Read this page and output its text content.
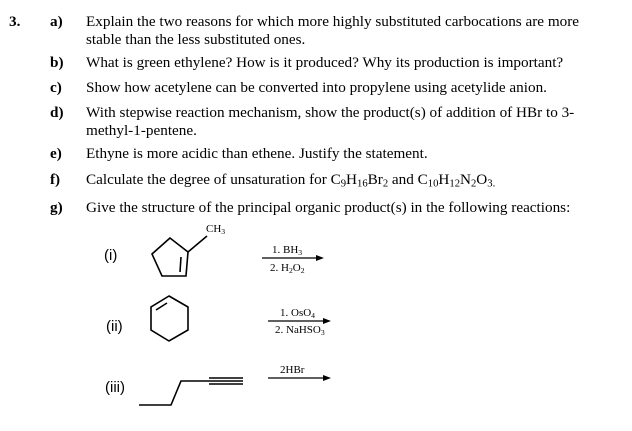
3. a) Explain the two reasons for which more highly substituted carbocations are more
stable than the less substituted ones.
b) What is green ethylene? How is it produced? Why its production is important?
c) Show how acetylene can be converted into propylene using acetylide anion.
d) With stepwise reaction mechanism, show the product(s) of addition of HBr to 3-
methyl-1-pentene.
e) Ethyne is more acidic than ethene. Justify the statement.
f) Calculate the degree of unsaturation for $C_9H_{16}Br_2$ and $C_{10}H_{12}N_2O_{3.}$
g) Give the structure of the principal organic product(s) in the following reactions:
(i)
$CH_3$
1. $BH_3$
2. $H_2O_2$
(ii)
1. OsO$_4$
2. NaHSO$_3$
(iii)
2HBr
